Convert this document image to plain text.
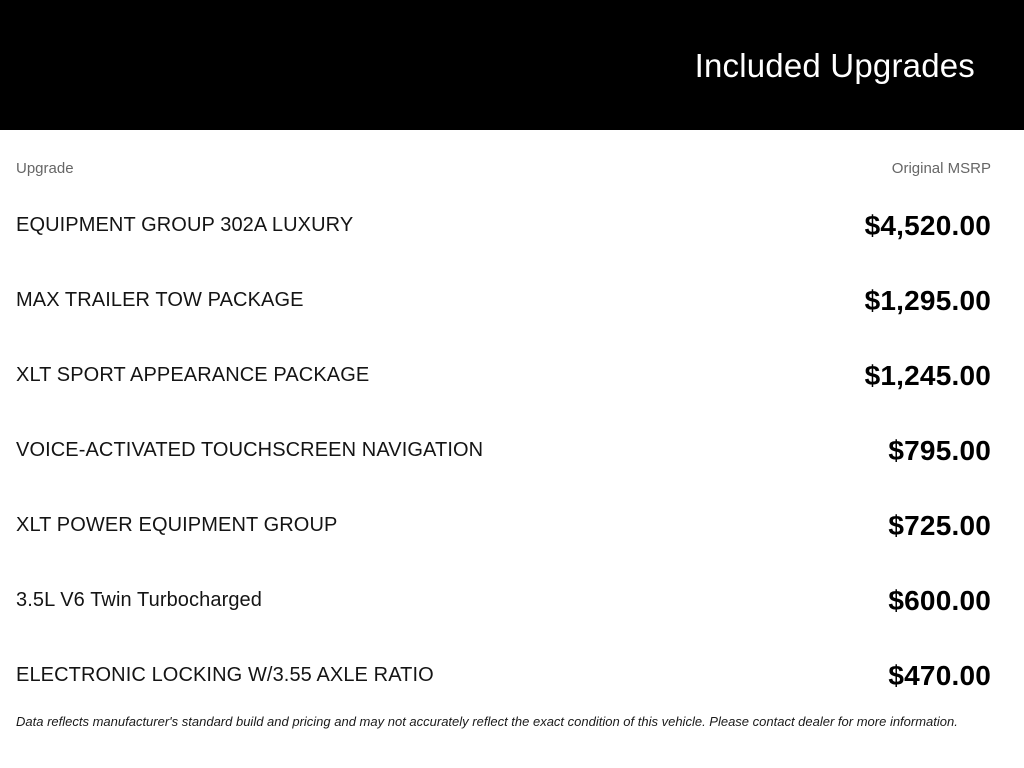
Included Upgrades
Upgrade	Original MSRP
EQUIPMENT GROUP 302A LUXURY	$4,520.00
MAX TRAILER TOW PACKAGE	$1,295.00
XLT SPORT APPEARANCE PACKAGE	$1,245.00
VOICE-ACTIVATED TOUCHSCREEN NAVIGATION	$795.00
XLT POWER EQUIPMENT GROUP	$725.00
3.5L V6 Twin Turbocharged	$600.00
ELECTRONIC LOCKING W/3.55 AXLE RATIO	$470.00
Data reflects manufacturer's standard build and pricing and may not accurately reflect the exact condition of this vehicle. Please contact dealer for more information.
